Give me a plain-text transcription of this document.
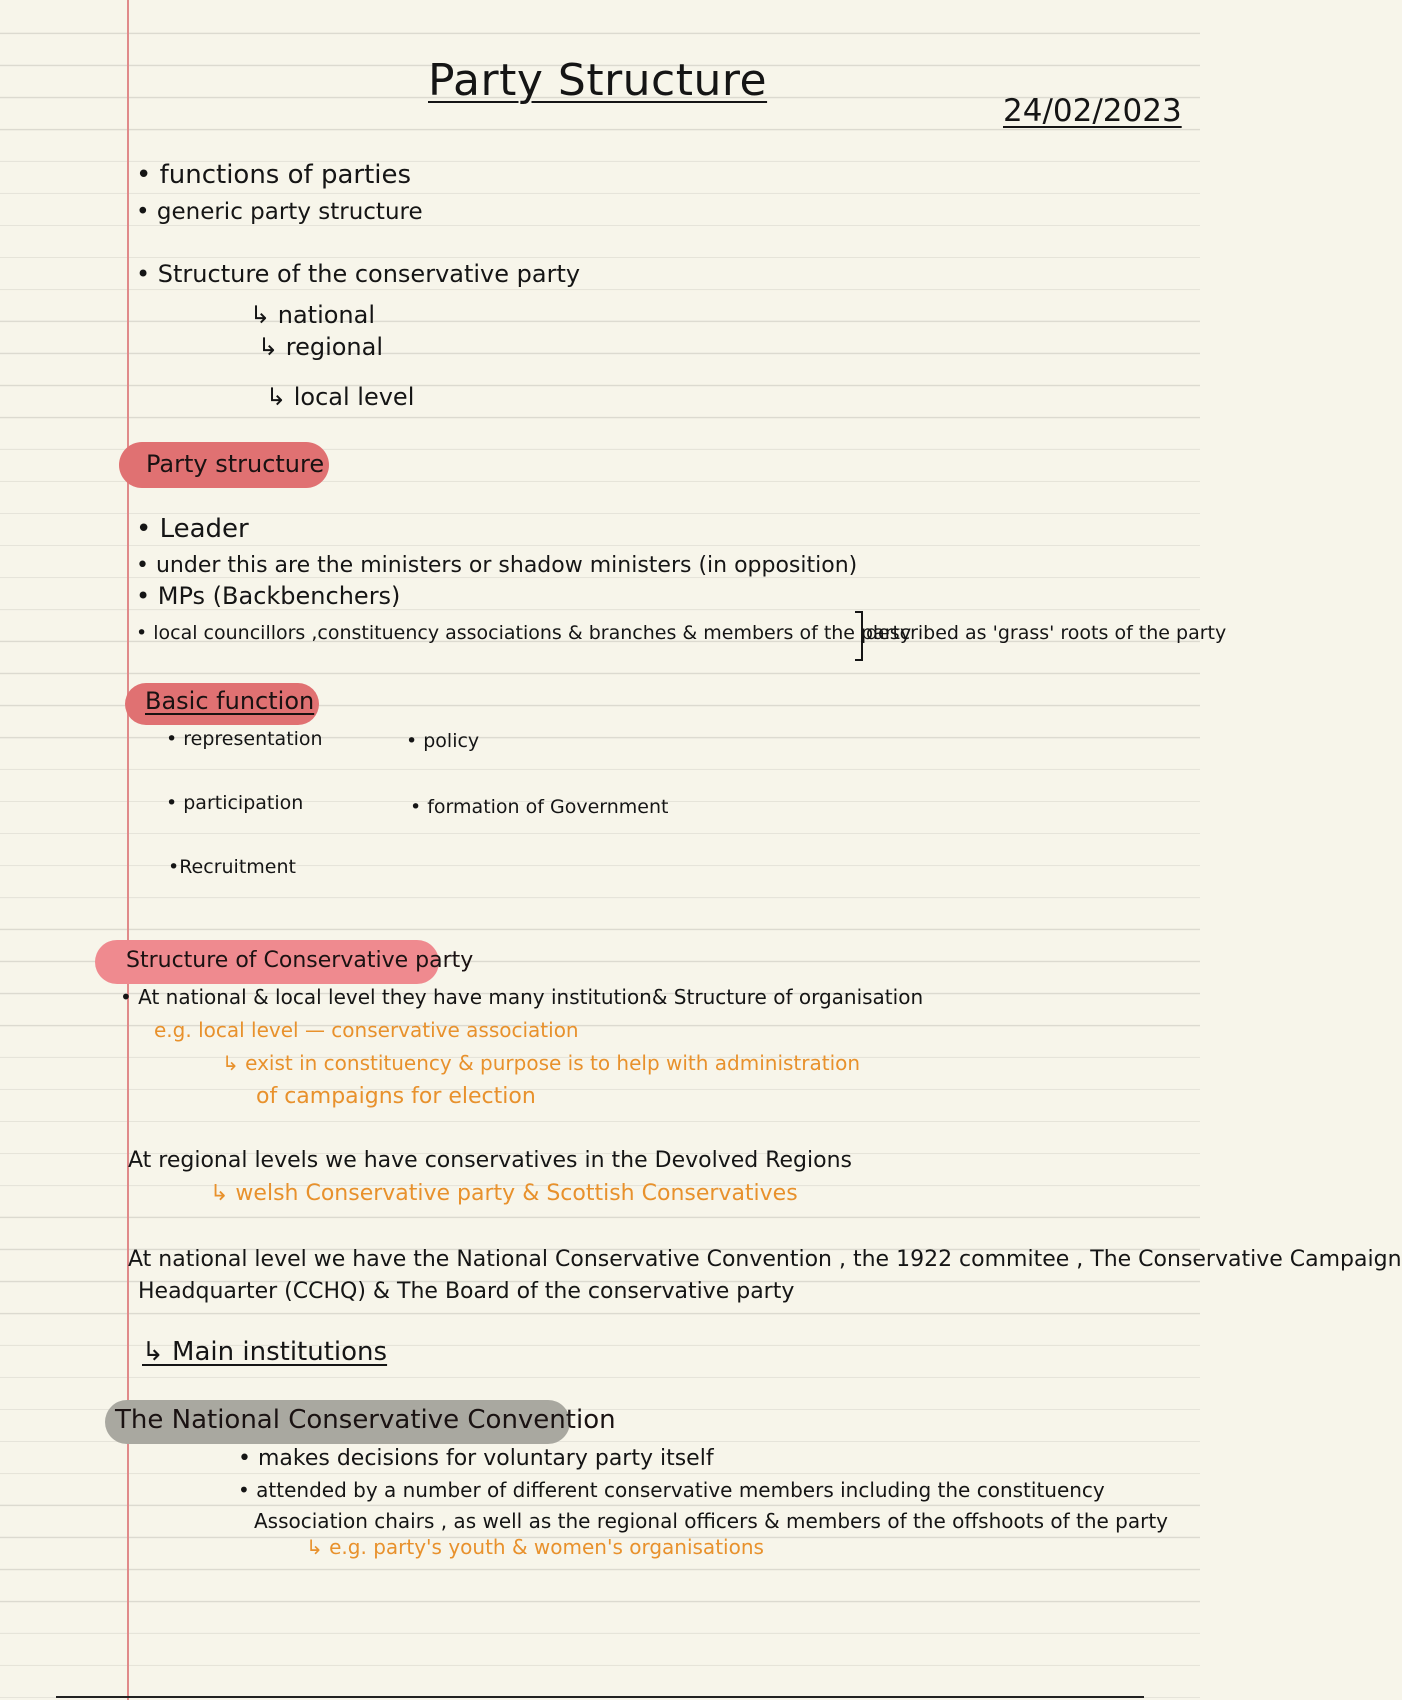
Party Structure
24/02/2023
• functions of parties
• generic party structure
• Structure of the conservative party
↳ national
↳ regional
↳ local level
Party structure
• Leader
• under this are the ministers or shadow ministers (in opposition)
• MPs (Backbenchers)
• local councillors ,constituency associations & branches & members of the party
described as 'grass' roots of the party
Basic function
• representation	• policy
• participation	• formation of Government
•Recruitment
Structure of Conservative party
• At national & local level they have many institution& Structure of organisation
e.g. local level — conservative association
↳ exist in constituency & purpose is to help with administration
of campaigns for election
At regional levels we have conservatives in the Devolved Regions
↳ welsh Conservative party & Scottish Conservatives
At national level we have the National Conservative Convention , the 1922 commitee , The Conservative Campaign
Headquarter (CCHQ) & The Board of the conservative party
↳ Main institutions
The National Conservative Convention
• makes decisions for voluntary party itself
• attended by a number of different conservative members including the constituency
Association chairs , as well as the regional officers & members of the offshoots of the party
↳ e.g. party's youth & women's organisations
